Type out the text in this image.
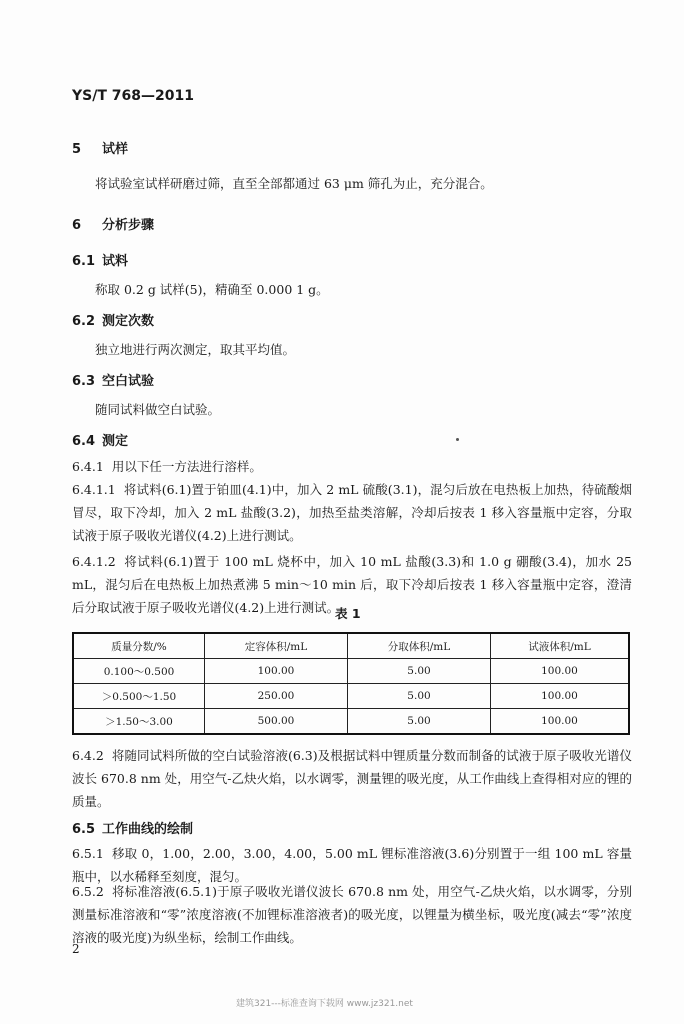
YS/T 768—2011
5 试样

将试验室试样研磨过筛，直至全部都通过 63 μm 筛孔为止，充分混合。

6 分析步骤
6.1 试料

称取 0.2 g 试样(5)，精确至 0.000 1 g。

6.2 测定次数

独立地进行两次测定，取其平均值。

6.3 空白试验

随同试料做空白试验。

6.4 测定

6.4.1 用以下任一方法进行溶样。

6.4.1.1 将试料(6.1)置于铂皿(4.1)中，加入 2 mL 硫酸(3.1)，混匀后放在电热板上加热，待硫酸烟冒尽，取下冷却，加入 2 mL 盐酸(3.2)，加热至盐类溶解，冷却后按表 1 移入容量瓶中定容，分取试液于原子吸收光谱仪(4.2)上进行测试。

6.4.1.2 将试料(6.1)置于 100 mL 烧杯中，加入 10 mL 盐酸(3.3)和 1.0 g 硼酸(3.4)，加水 25 mL，混匀后在电热板上加热煮沸 5 min～10 min 后，取下冷却后按表 1 移入容量瓶中定容，澄清后分取试液于原子吸收光谱仪(4.2)上进行测试。

表 1
质量分数/%	定容体积/mL	分取体积/mL	试液体积/mL
0.100～0.500	100.00	5.00	100.00
＞0.500～1.50	250.00	5.00	100.00
＞1.50～3.00	500.00	5.00	100.00

6.4.2 将随同试料所做的空白试验溶液(6.3)及根据试料中锂质量分数而制备的试液于原子吸收光谱仪波长 670.8 nm 处，用空气-乙炔火焰，以水调零，测量锂的吸光度，从工作曲线上查得相对应的锂的质量。

6.5 工作曲线的绘制

6.5.1 移取 0，1.00，2.00，3.00，4.00，5.00 mL 锂标准溶液(3.6)分别置于一组 100 mL 容量瓶中，以水稀释至刻度，混匀。

6.5.2 将标准溶液(6.5.1)于原子吸收光谱仪波长 670.8 nm 处，用空气-乙炔火焰，以水调零，分别测量标准溶液和“零”浓度溶液(不加锂标准溶液者)的吸光度，以锂量为横坐标，吸光度(减去“零”浓度溶液的吸光度)为纵坐标，绘制工作曲线。

2
建筑321---标准查询下载网 www.jz321.net
